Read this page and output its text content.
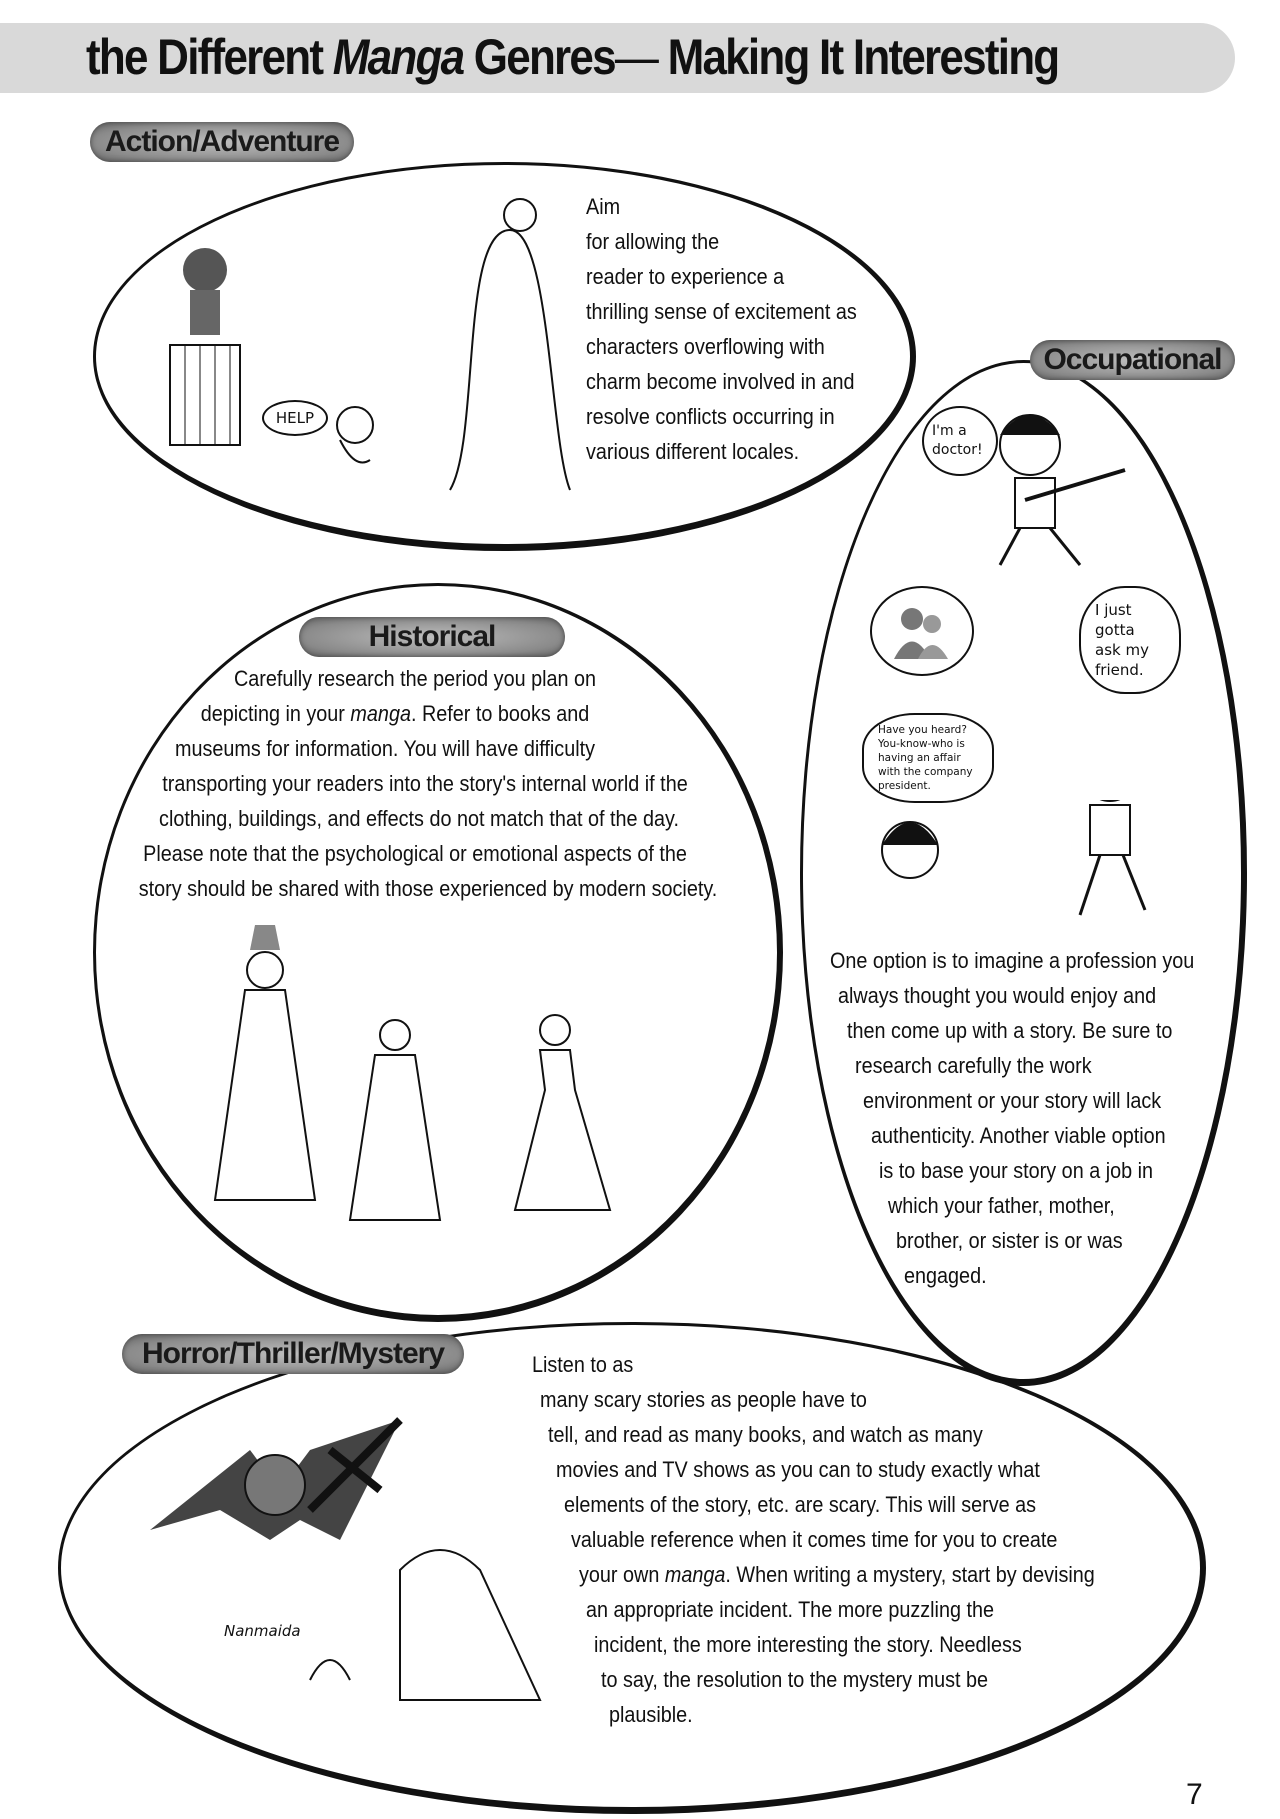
the Different Manga Genres— Making It Interesting
Action/Adventure
HELP
Aim
for allowing the
reader to experience a
thrilling sense of excitement as
characters overflowing with
charm become involved in and
resolve conflicts occurring in
various different locales.
Occupational
I'm a doctor!
Have you heard? You-know-who is having an affair with the company president.
I just gotta ask my friend.
One option is to imagine a profession you
always thought you would enjoy and
then come up with a story. Be sure to
research carefully the work
environment or your story will lack
authenticity. Another viable option
is to base your story on a job in
which your father, mother,
brother, or sister is or was
engaged.
Historical
Carefully research the period you plan on
depicting in your manga. Refer to books and
museums for information. You will have difficulty
transporting your readers into the story's internal world if the
clothing, buildings, and effects do not match that of the day.
Please note that the psychological or emotional aspects of the
story should be shared with those experienced by modern society.
Horror/Thriller/Mystery
Nanmaida
Listen to as
many scary stories as people have to
tell, and read as many books, and watch as many
movies and TV shows as you can to study exactly what
elements of the story, etc. are scary. This will serve as
valuable reference when it comes time for you to create
your own manga. When writing a mystery, start by devising
an appropriate incident. The more puzzling the
incident, the more interesting the story. Needless
to say, the resolution to the mystery must be
plausible.
7
